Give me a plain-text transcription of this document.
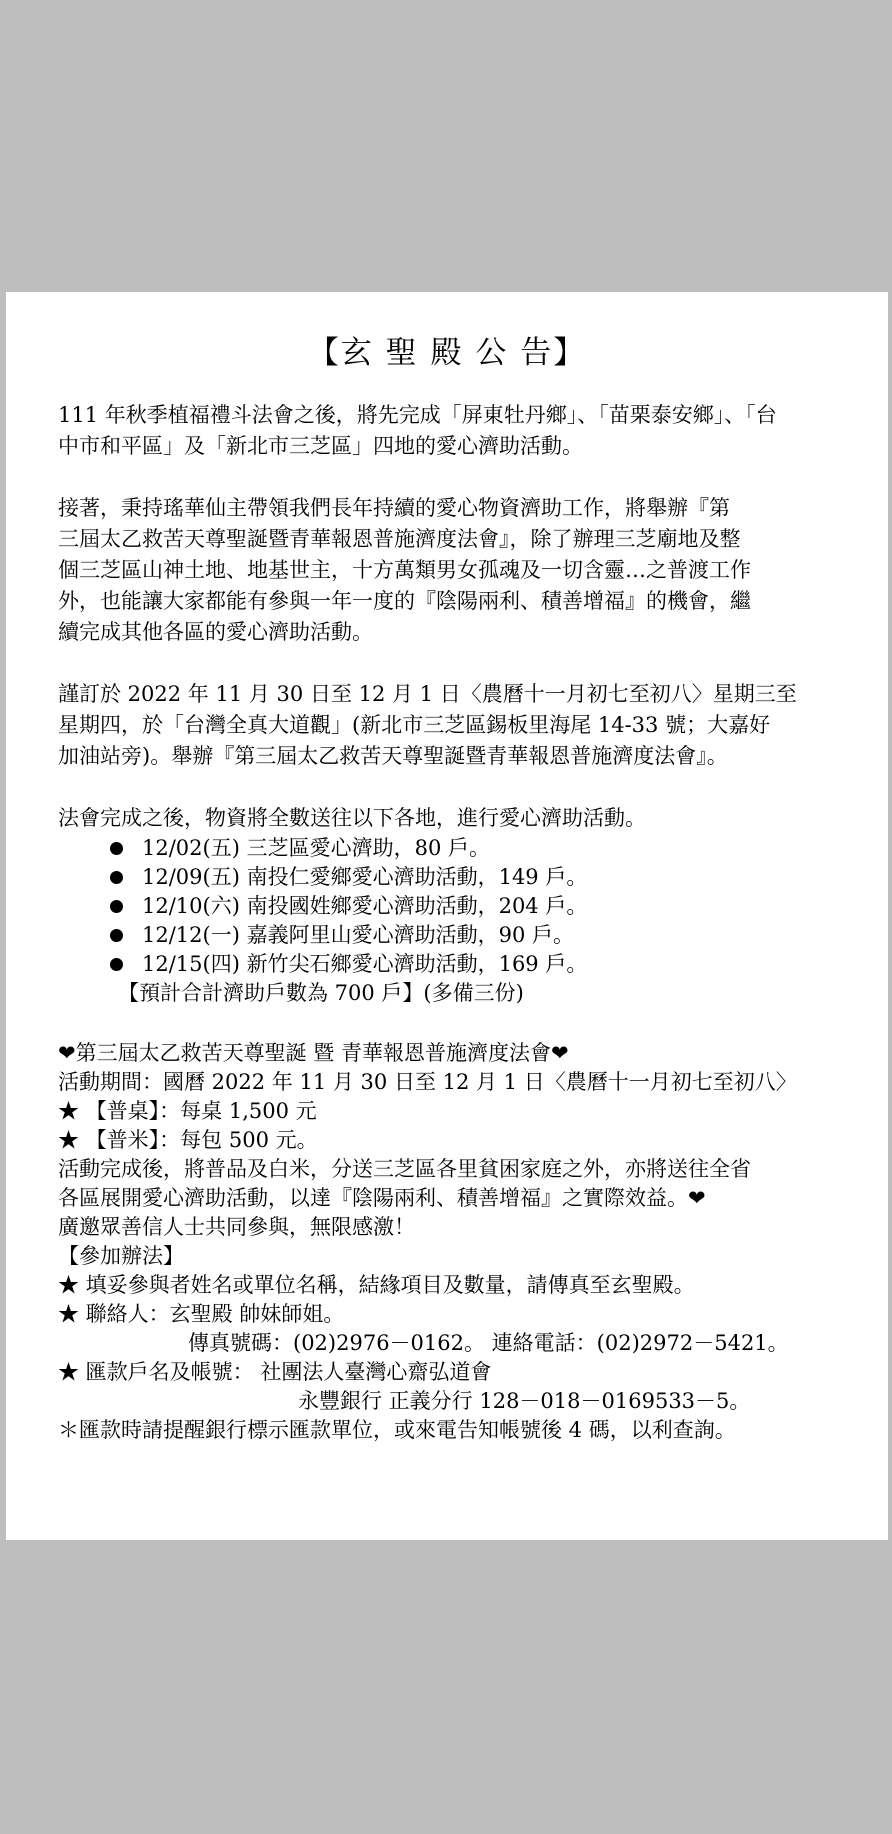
【玄 聖 殿 公 告】

111 年秋季植福禮斗法會之後，將先完成「屏東牡丹鄉」、「苗栗泰安鄉」、「台

中市和平區」及「新北市三芝區」四地的愛心濟助活動。

接著，秉持瑤華仙主帶領我們長年持續的愛心物資濟助工作，將舉辦『第

三屆太乙救苦天尊聖誕暨青華報恩普施濟度法會』，除了辦理三芝廟地及整

個三芝區山神土地、地基世主，十方萬類男女孤魂及一切含靈…之普渡工作

外，也能讓大家都能有參與一年一度的『陰陽兩利、積善增福』的機會，繼

續完成其他各區的愛心濟助活動。

謹訂於 2022 年 11 月 30 日至 12 月 1 日〈農曆十一月初七至初八〉星期三至

星期四，於「台灣全真大道觀」(新北市三芝區錫板里海尾 14-33 號；大嘉好

加油站旁)。舉辦『第三屆太乙救苦天尊聖誕暨青華報恩普施濟度法會』。

法會完成之後，物資將全數送往以下各地，進行愛心濟助活動。

12/02(五) 三芝區愛心濟助，80 戶。
12/09(五) 南投仁愛鄉愛心濟助活動，149 戶。
12/10(六) 南投國姓鄉愛心濟助活動，204 戶。
12/12(一) 嘉義阿里山愛心濟助活動，90 戶。
12/15(四) 新竹尖石鄉愛心濟助活動，169 戶。

【預計合計濟助戶數為 700 戶】(多備三份)

❤第三屆太乙救苦天尊聖誕 暨 青華報恩普施濟度法會❤

活動期間：國曆 2022 年 11 月 30 日至 12 月 1 日〈農曆十一月初七至初八〉

★ 【普桌】：每桌 1,500 元

★ 【普米】：每包 500 元。

活動完成後，將普品及白米，分送三芝區各里貧困家庭之外，亦將送往全省

各區展開愛心濟助活動，以達『陰陽兩利、積善增福』之實際效益。❤

廣邀眾善信人士共同參與，無限感激！

【參加辦法】

★ 填妥參與者姓名或單位名稱，結緣項目及數量，請傳真至玄聖殿。

★ 聯絡人：玄聖殿 帥妹師姐。

傳真號碼：(02)2976－0162。 連絡電話：(02)2972－5421。

★ 匯款戶名及帳號： 社團法人臺灣心齋弘道會

永豐銀行 正義分行 128－018－0169533－5。

＊匯款時請提醒銀行標示匯款單位，或來電告知帳號後 4 碼，以利查詢。
